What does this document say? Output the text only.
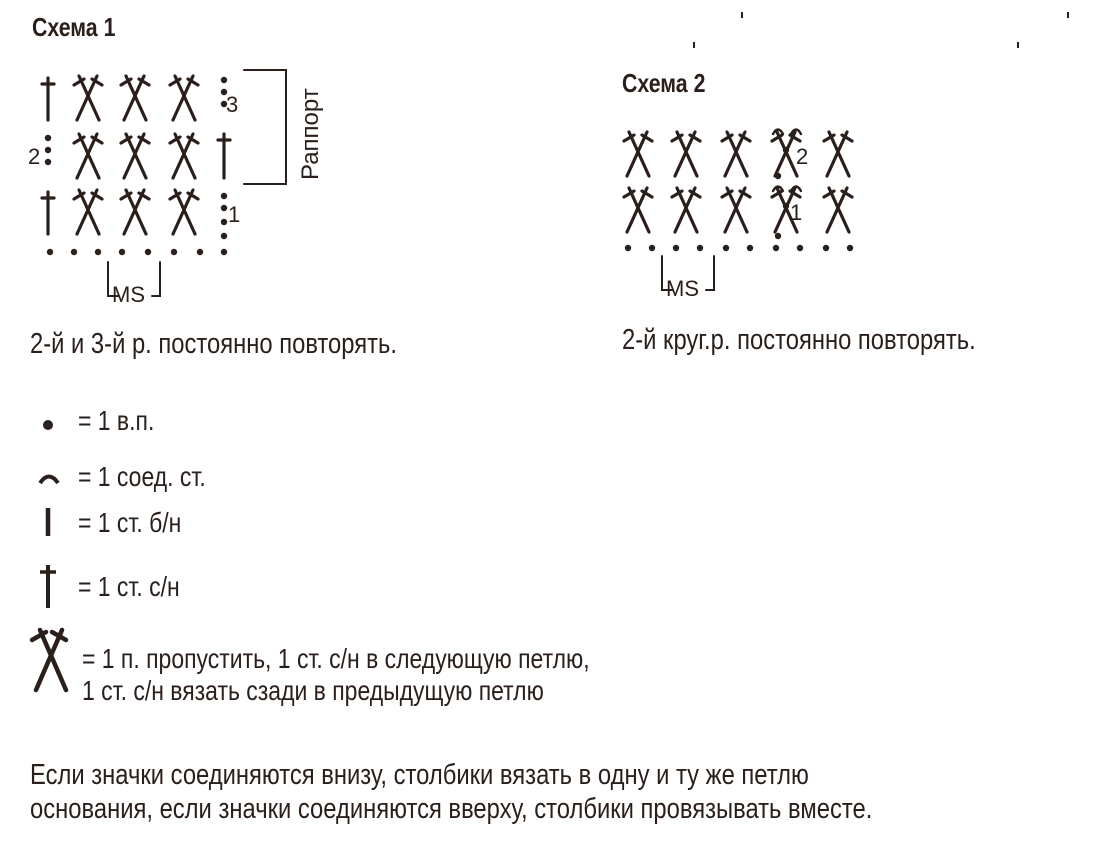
Схема 1
Схема 2
3
2
1
MS
Раппорт	2
1
MS
2-й и 3-й р. постоянно повторять.	2-й круг.р. постоянно повторять.
= 1 в.п.
= 1 соед. ст.
= 1 ст. б/н
= 1 ст. с/н
= 1 п. пропустить, 1 ст. с/н в следующую петлю,
1 ст. с/н вязать сзади в предыдущую петлю
Если значки соединяются внизу, столбики вязать в одну и ту же петлю
основания, если значки соединяются вверху, столбики провязывать вместе.
